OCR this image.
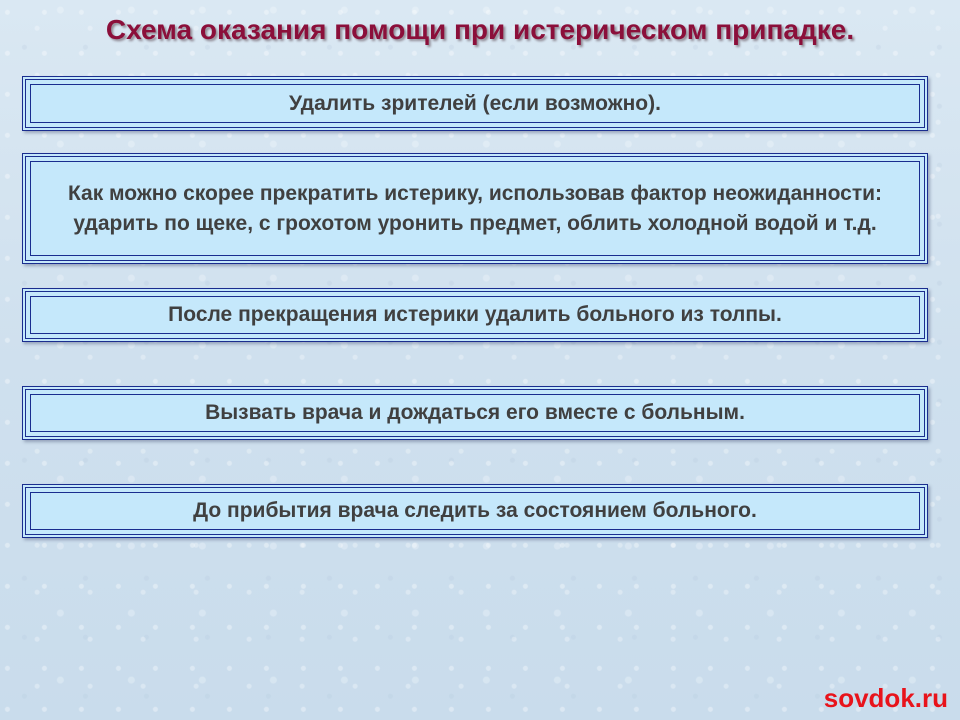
Схема оказания помощи при истерическом припадке.
Удалить зрителей (если возможно).
Как можно скорее прекратить истерику, использовав фактор неожиданности: ударить по щеке, с грохотом уронить предмет, облить холодной водой и т.д.
После прекращения истерики удалить больного из толпы.
Вызвать врача и дождаться его вместе с больным.
До прибытия врача следить за состоянием больного.

sovdok.ru
